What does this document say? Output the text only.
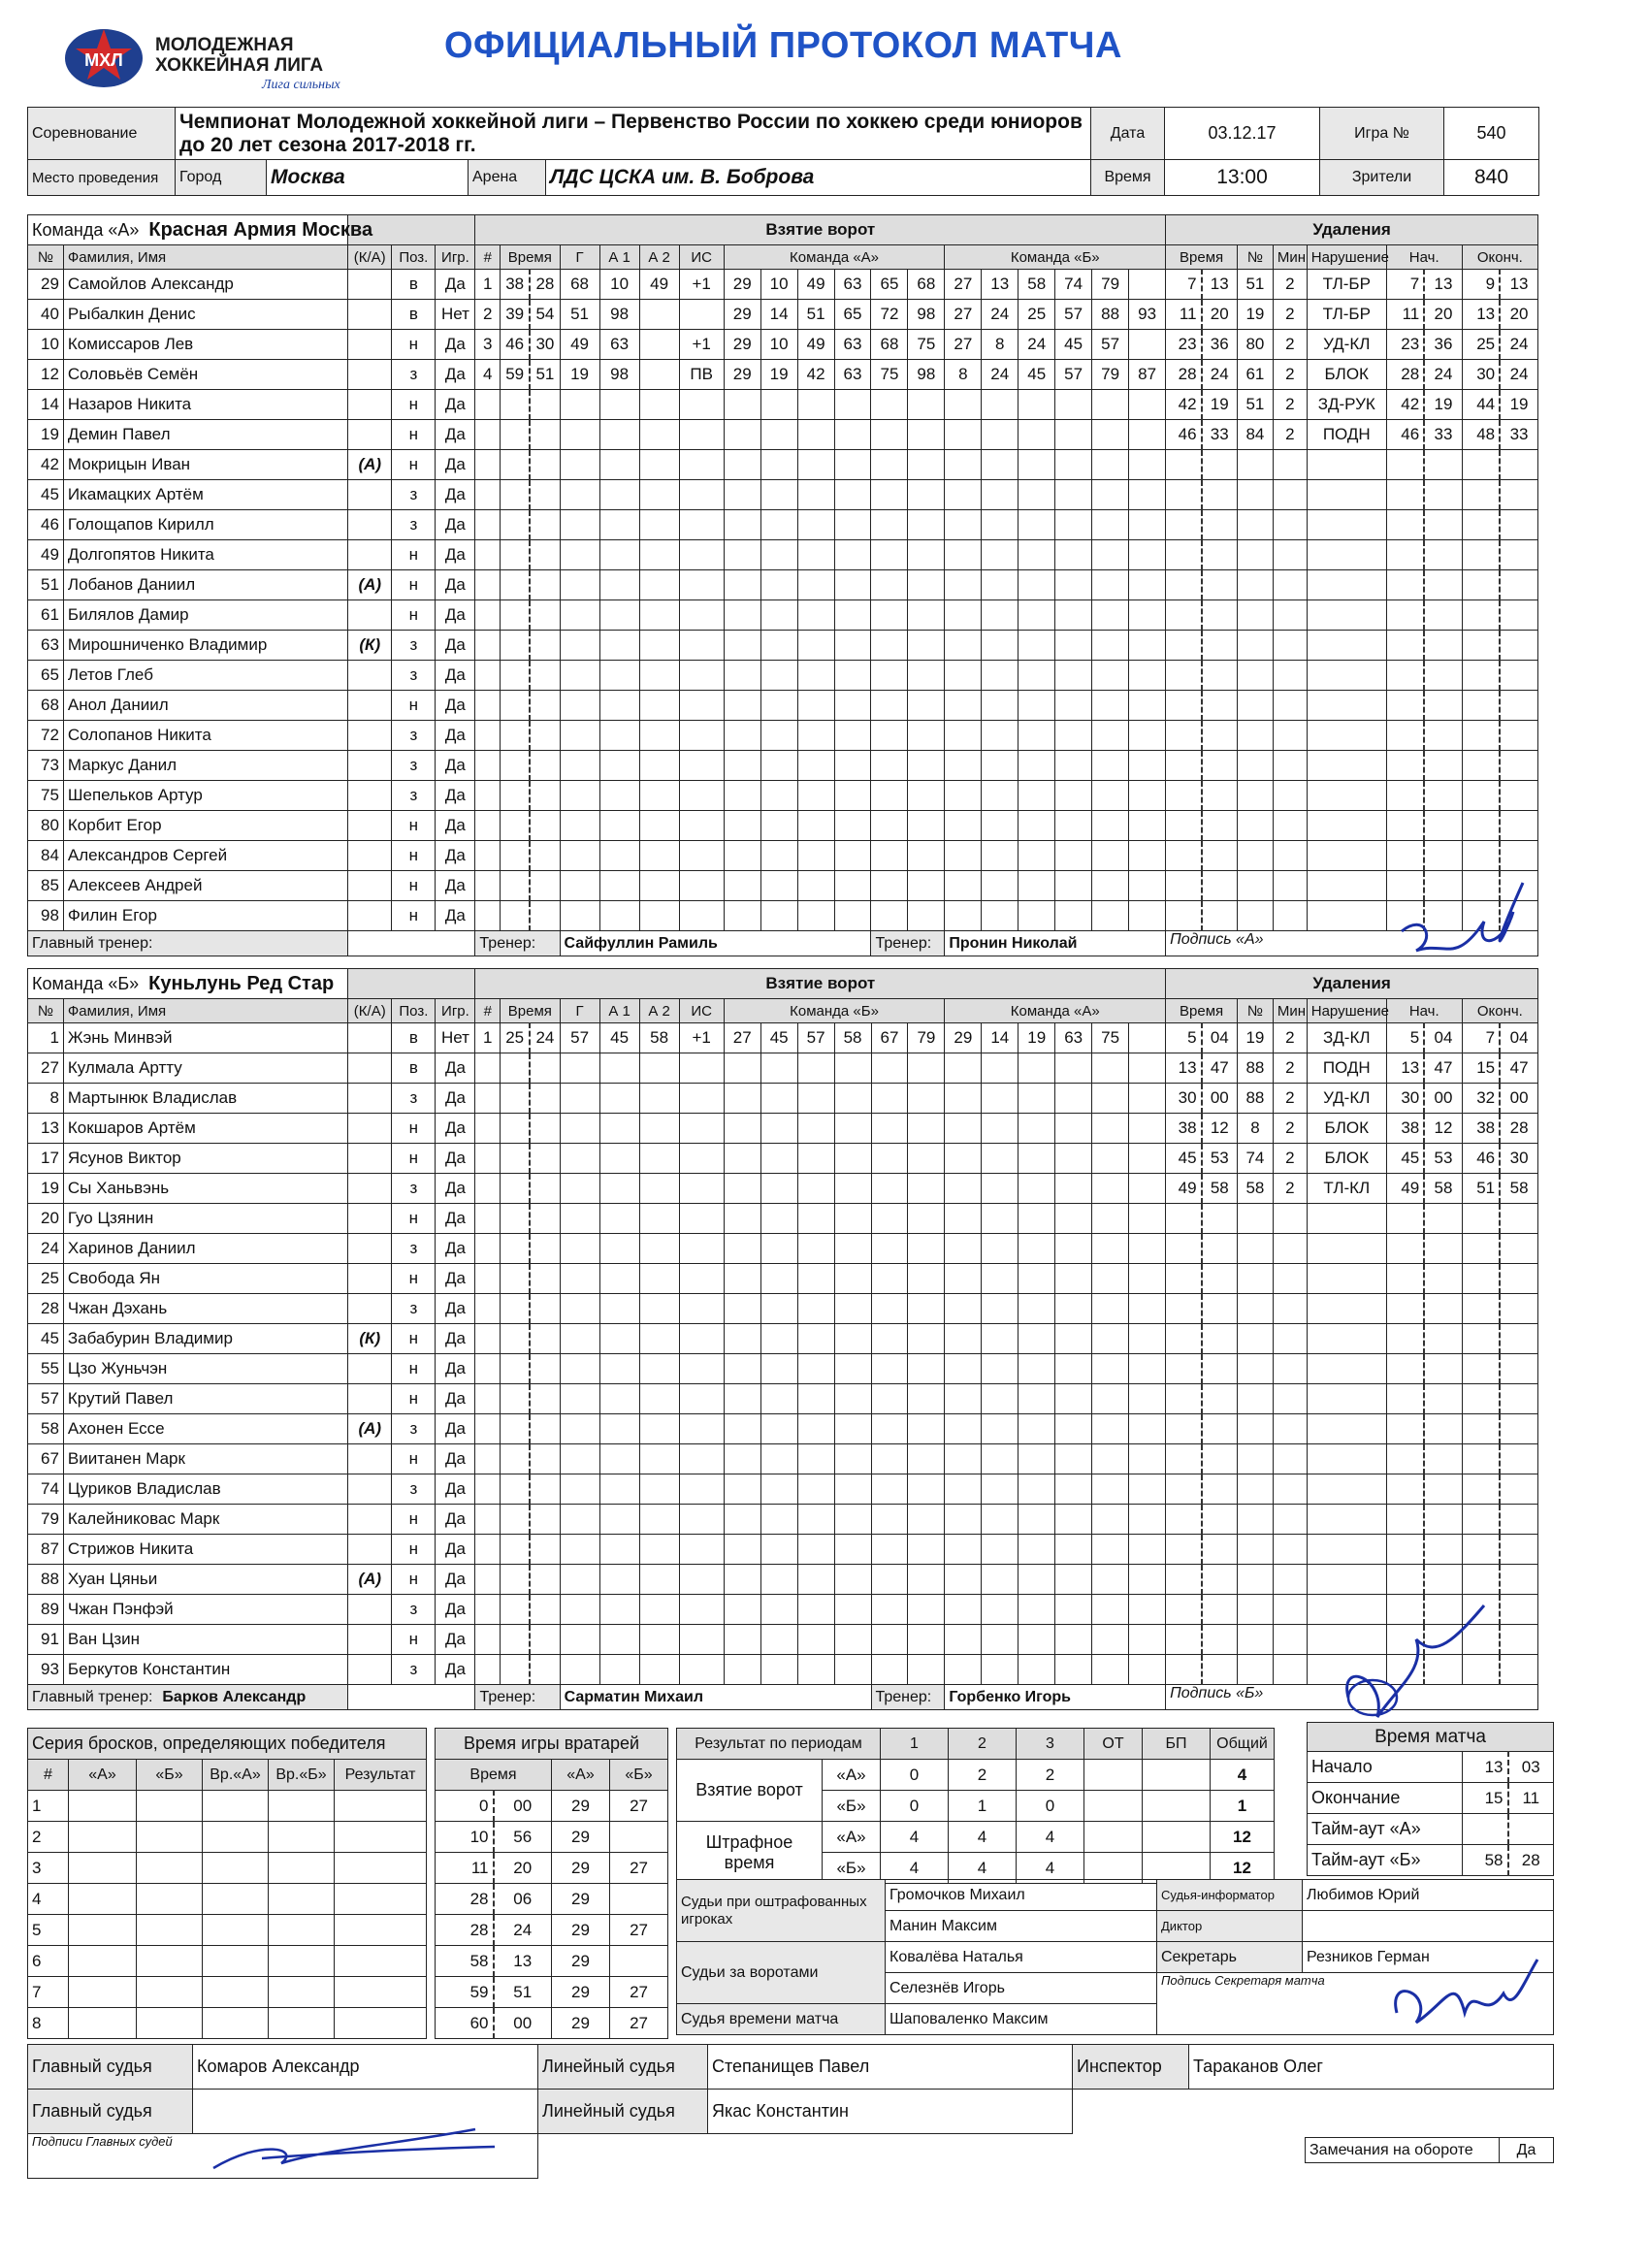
МХЛ
МОЛОДЕЖНАЯ
ХОККЕЙНАЯ ЛИГА
Лига сильных
ОФИЦИАЛЬНЫЙ ПРОТОКОЛ МАТЧА
Соревнование	Чемпионат Молодежной хоккейной лиги – Первенство России по хоккею среди юниоров до 20 лет сезона 2017-2018 гг.				Дата	03.12.17	Игра №	540
Место проведения	Город	Москва	Арена	ЛДС ЦСКА им. В. Боброва	Время	13:00	Зрители	840
Команда «А» Красная Армия Москва					Взятие ворот																			Удаления								
№	Фамилия, Имя	(К/А)	Поз.	Игр.	#	Время		Г	А 1	А 2	ИС	Команда «А»						Команда «Б»						Время		№	Мин	Нарушение	Нач.		Оконч.	
29	Самойлов Александр		в	Да	1	38	28	68	10	49	+1	29	10	49	63	65	68	27	13	58	74	79		7	13	51	2	ТЛ-БР	7	13	9	13
40	Рыбалкин Денис		в	Нет	2	39	54	51	98			29	14	51	65	72	98	27	24	25	57	88	93	11	20	19	2	ТЛ-БР	11	20	13	20
10	Комиссаров Лев		н	Да	3	46	30	49	63		+1	29	10	49	63	68	75	27	8	24	45	57		23	36	80	2	УД-КЛ	23	36	25	24
12	Соловьёв Семён		з	Да	4	59	51	19	98		ПВ	29	19	42	63	75	98	8	24	45	57	79	87	28	24	61	2	БЛОК	28	24	30	24
14	Назаров Никита		н	Да																				42	19	51	2	ЗД-РУК	42	19	44	19
19	Демин Павел		н	Да																				46	33	84	2	ПОДН	46	33	48	33
42	Мокрицын Иван	(А)	н	Да																												
45	Икамацких Артём		з	Да																												
46	Голощапов Кирилл		з	Да																												
49	Долгопятов Никита		н	Да																												
51	Лобанов Даниил	(А)	н	Да																												
61	Билялов Дамир		н	Да																												
63	Мирошниченко Владимир	(К)	з	Да																												
65	Летов Глеб		з	Да																												
68	Анол Даниил		н	Да																												
72	Солопанов Никита		з	Да																												
73	Маркус Данил		з	Да																												
75	Шепельков Артур		з	Да																												
80	Корбит Егор		н	Да																												
84	Александров Сергей		н	Да																												
85	Алексеев Андрей		н	Да																												
98	Филин Егор		н	Да																												
Главный тренер:					Тренер:			Сайфуллин Рамиль								Тренер:		Пронин Николай						Подпись «А»								
Команда «Б» Куньлунь Ред Стар					Взятие ворот																			Удаления								
№	Фамилия, Имя	(К/А)	Поз.	Игр.	#	Время		Г	А 1	А 2	ИС	Команда «Б»						Команда «А»						Время		№	Мин	Нарушение	Нач.		Оконч.	
1	Жэнь Минвэй		в	Нет	1	25	24	57	45	58	+1	27	45	57	58	67	79	29	14	19	63	75		5	04	19	2	ЗД-КЛ	5	04	7	04
27	Кулмала Артту		в	Да																				13	47	88	2	ПОДН	13	47	15	47
8	Мартынюк Владислав		з	Да																				30	00	88	2	УД-КЛ	30	00	32	00
13	Кокшаров Артём		н	Да																				38	12	8	2	БЛОК	38	12	38	28
17	Ясунов Виктор		н	Да																				45	53	74	2	БЛОК	45	53	46	30
19	Сы Ханьвэнь		з	Да																				49	58	58	2	ТЛ-КЛ	49	58	51	58
20	Гуо Цзянин		н	Да																												
24	Харинов Даниил		з	Да																												
25	Свобода Ян		н	Да																												
28	Чжан Дэхань		з	Да																												
45	Забабурин Владимир	(К)	н	Да																												
55	Цзо Жуньчэн		н	Да																												
57	Крутий Павел		н	Да																												
58	Ахонен Ессе	(А)	з	Да																												
67	Виитанен Марк		н	Да																												
74	Цуриков Владислав		з	Да																												
79	Калейниковас Марк		н	Да																												
87	Стрижов Никита		н	Да																												
88	Хуан Цяньи	(А)	н	Да																												
89	Чжан Пэнфэй		з	Да																												
91	Ван Цзин		н	Да																												
93	Беркутов Константин		з	Да																												
Главный тренер: Барков Александр					Тренер:			Сарматин Михаил								Тренер:		Горбенко Игорь						Подпись «Б»								
Серия бросков, определяющих победителя					
#	«А»	«Б»	Вр.«А»	Вр.«Б»	Результат
1					
2					
3					
4					
5					
6					
7					
8					
Время игры вратарей			
Время		«А»	«Б»
0	00	29	27
10	56	29	
11	20	29	27
28	06	29	
28	24	29	27
58	13	29	
59	51	29	27
60	00	29	27
Результат по периодам		1	2	3	ОТ	БП	Общий
Взятие ворот	«А»	0	2	2			4
	«Б»	0	1	0			1
Штрафное время	«А»	4	4	4			12
	«Б»	4	4	4			12
Время матча		
Начало	13	03
Окончание	15	11
Тайм-аут «А»		
Тайм-аут «Б»	58	28
Судьи при оштрафованных игроках	Громочков Михаил	Судья-информатор	Любимов Юрий
	Манин Максим	Диктор	
Судьи за воротами	Ковалёва Наталья	Секретарь	Резников Герман
	Селезнёв Игорь	Подпись Секретаря матча	
Судья времени матча	Шаповаленко Максим		
Главный судья	Комаров Александр	Линейный судья	Степанищев Павел	Инспектор	Тараканов Олег
Главный судья		Линейный судья	Якас Константин		
Подписи Главных судей						Замечания на обороте	Да
